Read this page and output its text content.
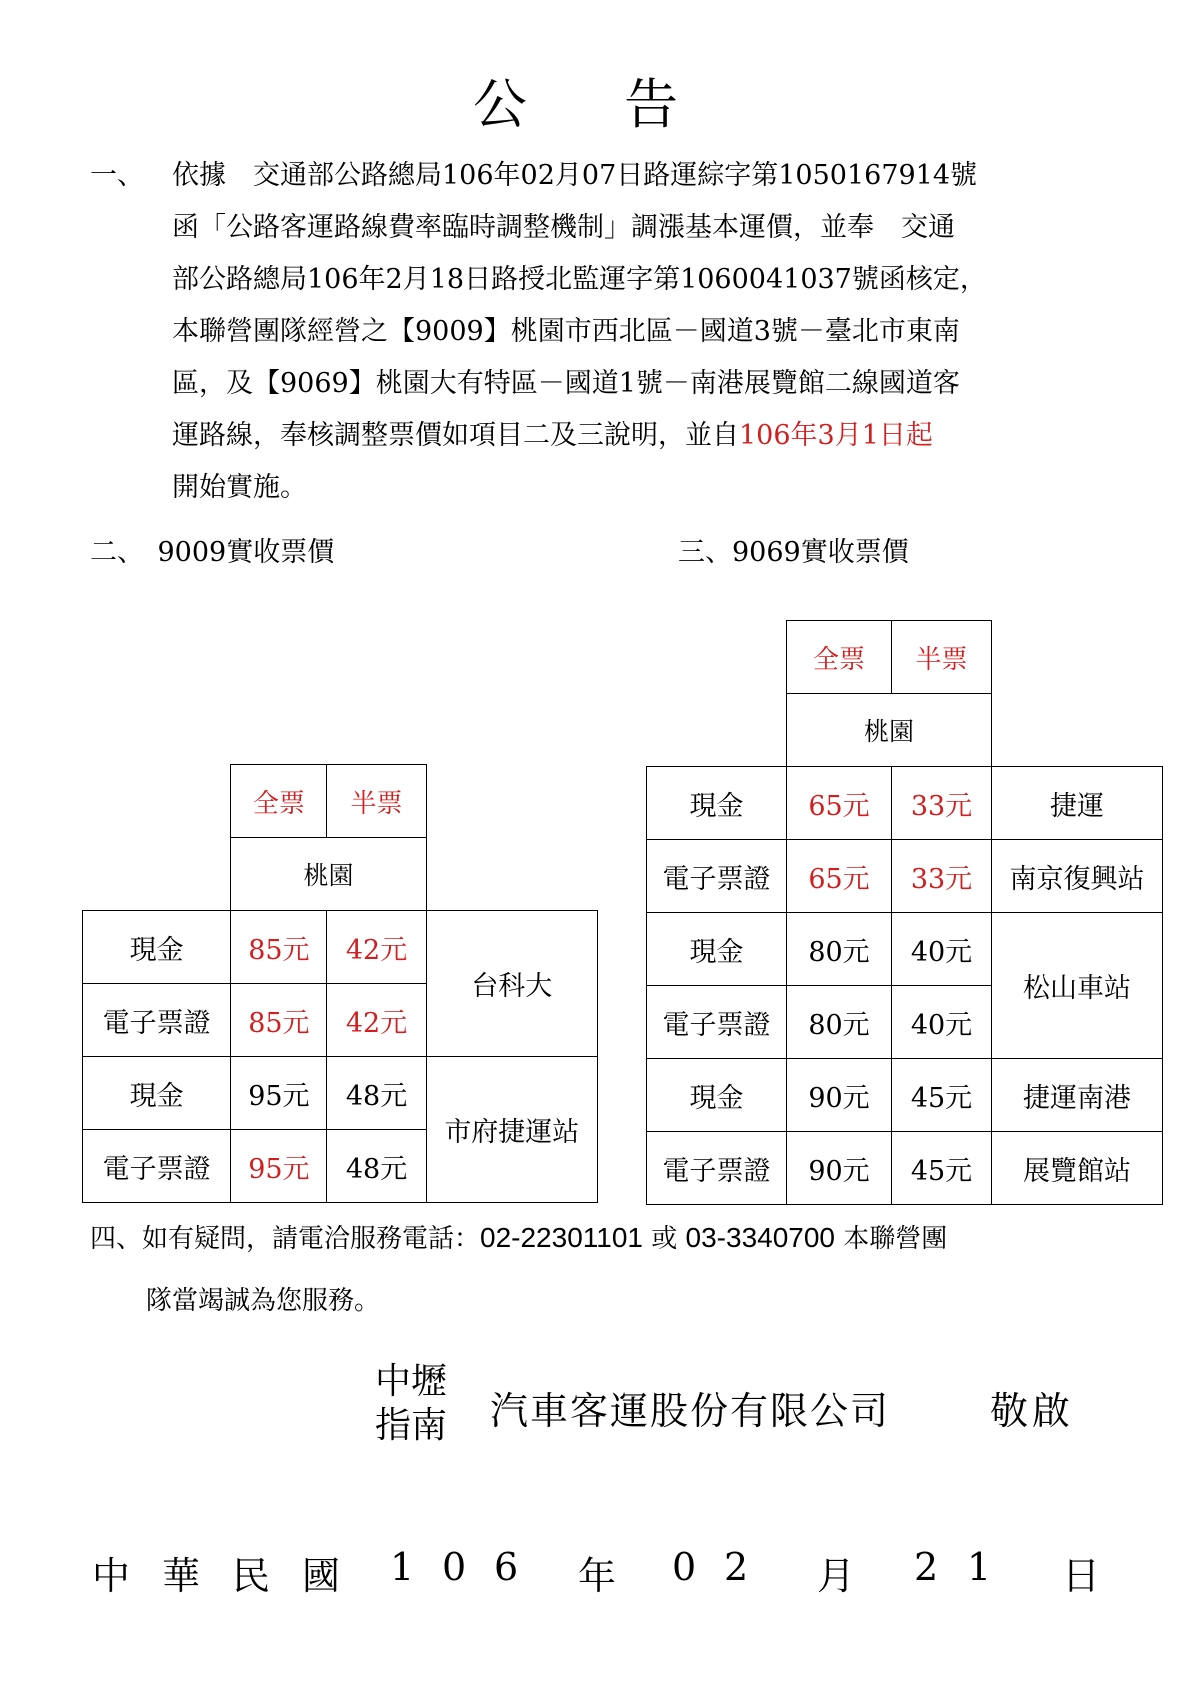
公 告
一、	依據　交通部公路總局106年02月07日路運綜字第1050167914號
函「公路客運路線費率臨時調整機制」調漲基本運價，並奉　交通
部公路總局106年2月18日路授北監運字第1060041037號函核定，
本聯營團隊經營之【9009】桃園市西北區－國道3號－臺北市東南
區，及【9069】桃園大有特區－國道1號－南港展覽館二線國道客
運路線，奉核調整票價如項目二及三說明，並自106年3月1日起
開始實施。
二、　9009實收票價	三、9069實收票價
	全票	半票	
	桃園		
現金	85元	42元	台科大
電子票證	85元	42元	
現金	95元	48元	市府捷運站
電子票證	95元	48元	
	全票	半票	
	桃園		
現金	65元	33元	捷運
電子票證	65元	33元	南京復興站
現金	80元	40元	松山車站
電子票證	80元	40元	
現金	90元	45元	捷運南港
電子票證	90元	45元	展覽館站
四、如有疑問，請電洽服務電話：02-22301101 或 03-3340700 本聯營團
隊當竭誠為您服務。
中壢
指南 汽車客運股份有限公司	敬啟
中 華 民 國 1 0 6 年 0 2 月 2 1 日
